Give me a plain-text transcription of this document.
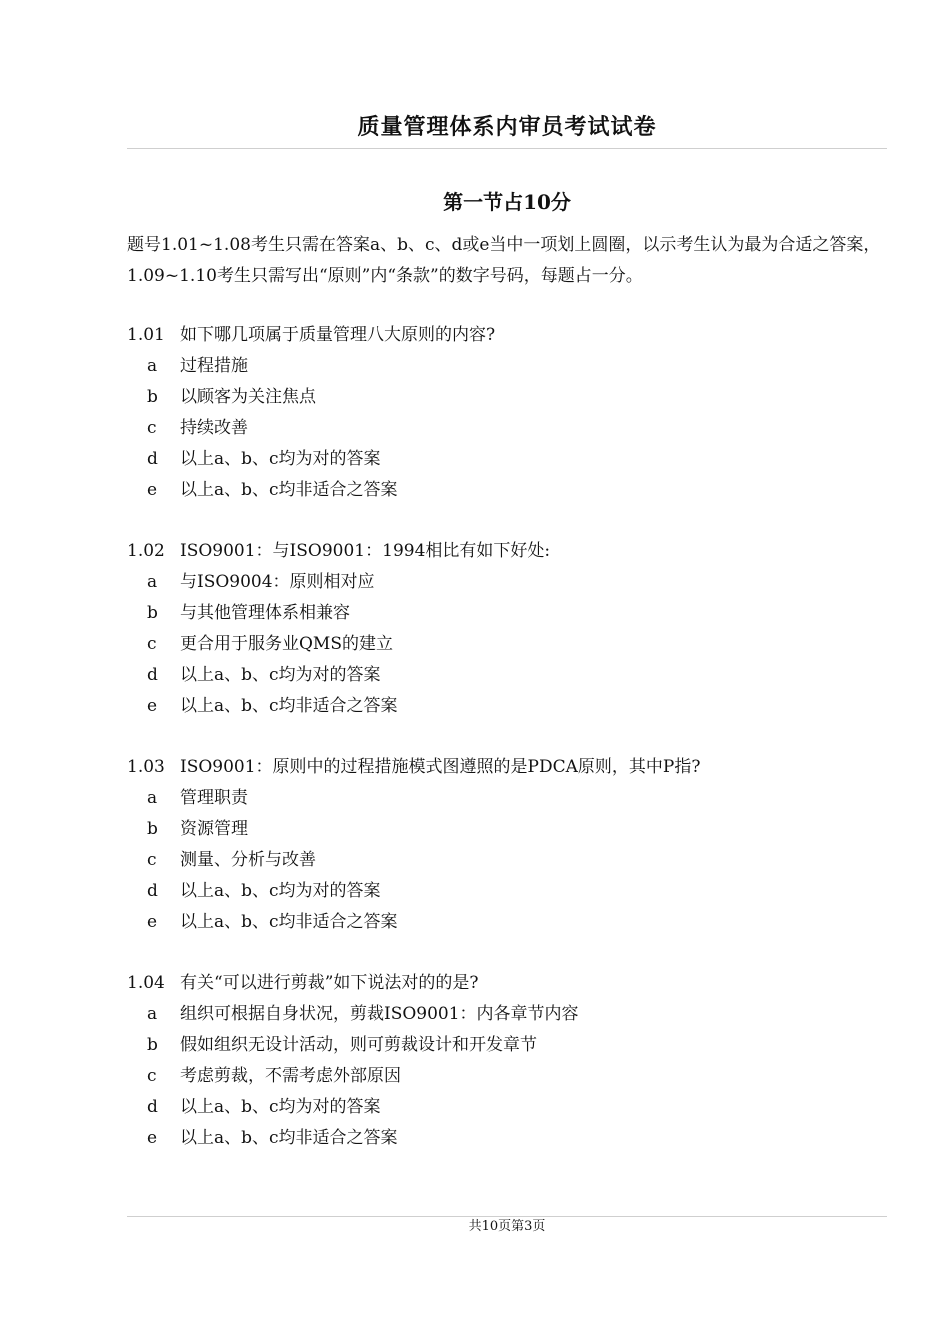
质量管理体系内审员考试试卷
第一节占10分
题号1.01~1.08考生只需在答案a、b、c、d或e当中一项划上圆圈，以示考生认为最为合适之答案，1.09~1.10考生只需写出“原则”内“条款”的数字号码，每题占一分。
1.01 如下哪几项属于质量管理八大原则的内容?
a 过程措施
b 以顾客为关注焦点
c 持续改善
d 以上a、b、c均为对的答案
e 以上a、b、c均非适合之答案
1.02 ISO9001：与ISO9001：1994相比有如下好处:
a 与ISO9004：原则相对应
b 与其他管理体系相兼容
c 更合用于服务业QMS的建立
d 以上a、b、c均为对的答案
e 以上a、b、c均非适合之答案
1.03 ISO9001：原则中的过程措施模式图遵照的是PDCA原则，其中P指?
a 管理职责
b 资源管理
c 测量、分析与改善
d 以上a、b、c均为对的答案
e 以上a、b、c均非适合之答案
1.04 有关“可以进行剪裁”如下说法对的的是?
a 组织可根据自身状况，剪裁ISO9001：内各章节内容
b 假如组织无设计活动，则可剪裁设计和开发章节
c 考虑剪裁，不需考虑外部原因
d 以上a、b、c均为对的答案
e 以上a、b、c均非适合之答案
共10页第3页
